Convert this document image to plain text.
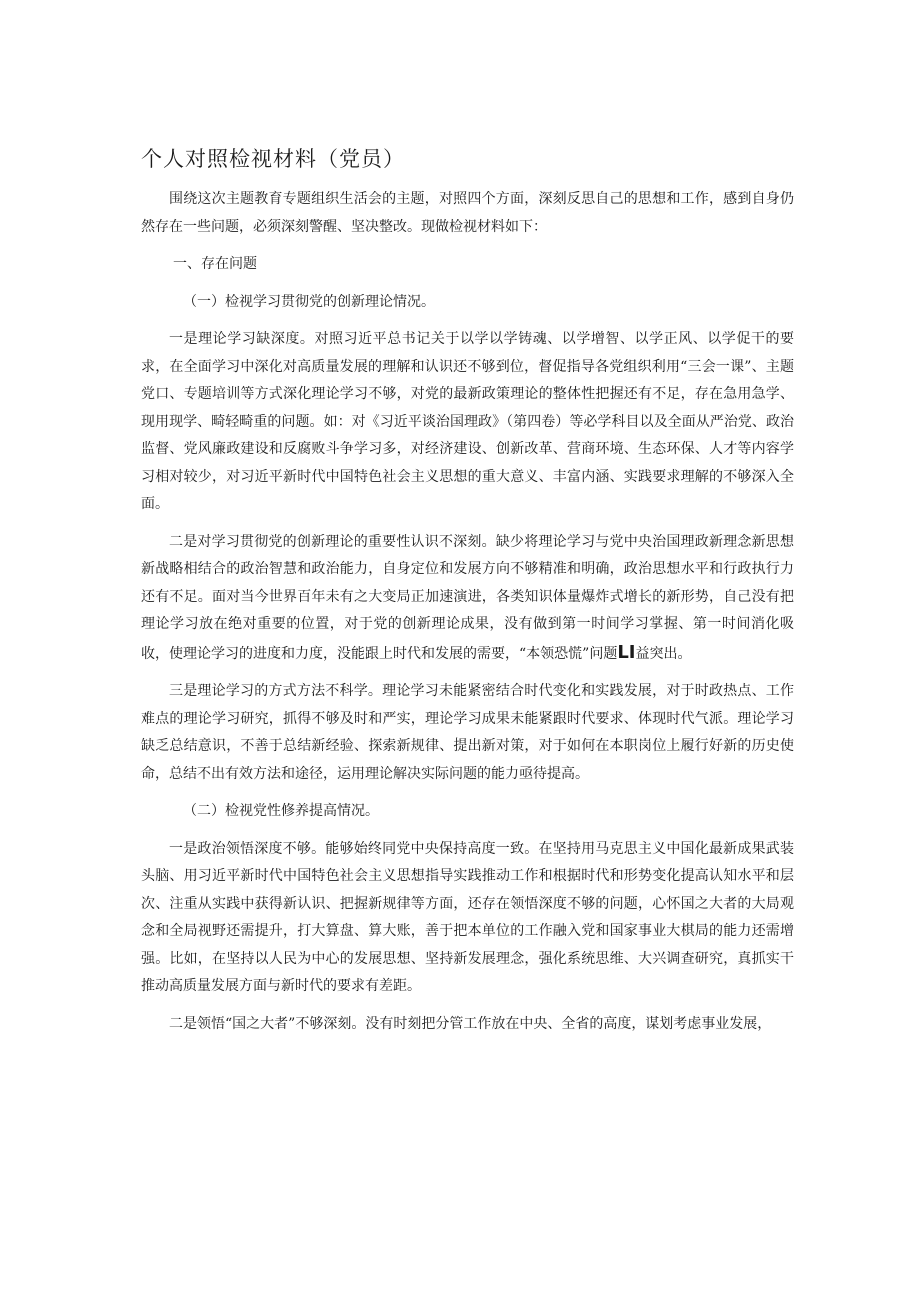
个人对照检视材料（党员）

围绕这次主题教育专题组织生活会的主题，对照四个方面，深刻反思自己的思想和工作，感到自身仍然存在一些问题，必须深刻警醒、坚决整改。现做检视材料如下：

一、存在问题

（一）检视学习贯彻党的创新理论情况。

一是理论学习缺深度。对照习近平总书记关于以学以学铸魂、以学增智、以学正风、以学促干的要求，在全面学习中深化对高质量发展的理解和认识还不够到位，督促指导各党组织利用“三会一课”、主题党口、专题培训等方式深化理论学习不够，对党的最新政策理论的整体性把握还有不足，存在急用急学、现用现学、畸轻畸重的问题。如：对《习近平谈治国理政》（第四卷）等必学科目以及全面从严治党、政治监督、党风廉政建设和反腐败斗争学习多，对经济建设、创新改革、营商环境、生态环保、人才等内容学习相对较少，对习近平新时代中国特色社会主义思想的重大意义、丰富内涵、实践要求理解的不够深入全面。

二是对学习贯彻党的创新理论的重要性认识不深刻。缺少将理论学习与党中央治国理政新理念新思想新战略相结合的政治智慧和政治能力，自身定位和发展方向不够精准和明确，政治思想水平和行政执行力还有不足。面对当今世界百年未有之大变局正加速演进，各类知识体量爆炸式增长的新形势，自己没有把理论学习放在绝对重要的位置，对于党的创新理论成果，没有做到第一时间学习掌握、第一时间消化吸收，使理论学习的进度和力度，没能跟上时代和发展的需要，“本领恐慌”问题LI益突出。

三是理论学习的方式方法不科学。理论学习未能紧密结合时代变化和实践发展，对于时政热点、工作难点的理论学习研究，抓得不够及时和严实，理论学习成果未能紧跟时代要求、体现时代气派。理论学习缺乏总结意识，不善于总结新经验、探索新规律、提出新对策，对于如何在本职岗位上履行好新的历史使命，总结不出有效方法和途径，运用理论解决实际问题的能力亟待提高。

（二）检视党性修养提高情况。

一是政治领悟深度不够。能够始终同党中央保持高度一致。在坚持用马克思主义中国化最新成果武装头脑、用习近平新时代中国特色社会主义思想指导实践推动工作和根据时代和形势变化提高认知水平和层次、注重从实践中获得新认识、把握新规律等方面，还存在领悟深度不够的问题，心怀国之大者的大局观念和全局视野还需提升，打大算盘、算大账，善于把本单位的工作融入党和国家事业大棋局的能力还需增强。比如，在坚持以人民为中心的发展思想、坚持新发展理念，强化系统思维、大兴调查研究，真抓实干推动高质量发展方面与新时代的要求有差距。

二是领悟“国之大者”不够深刻。没有时刻把分管工作放在中央、全省的高度，谋划考虑事业发展，
